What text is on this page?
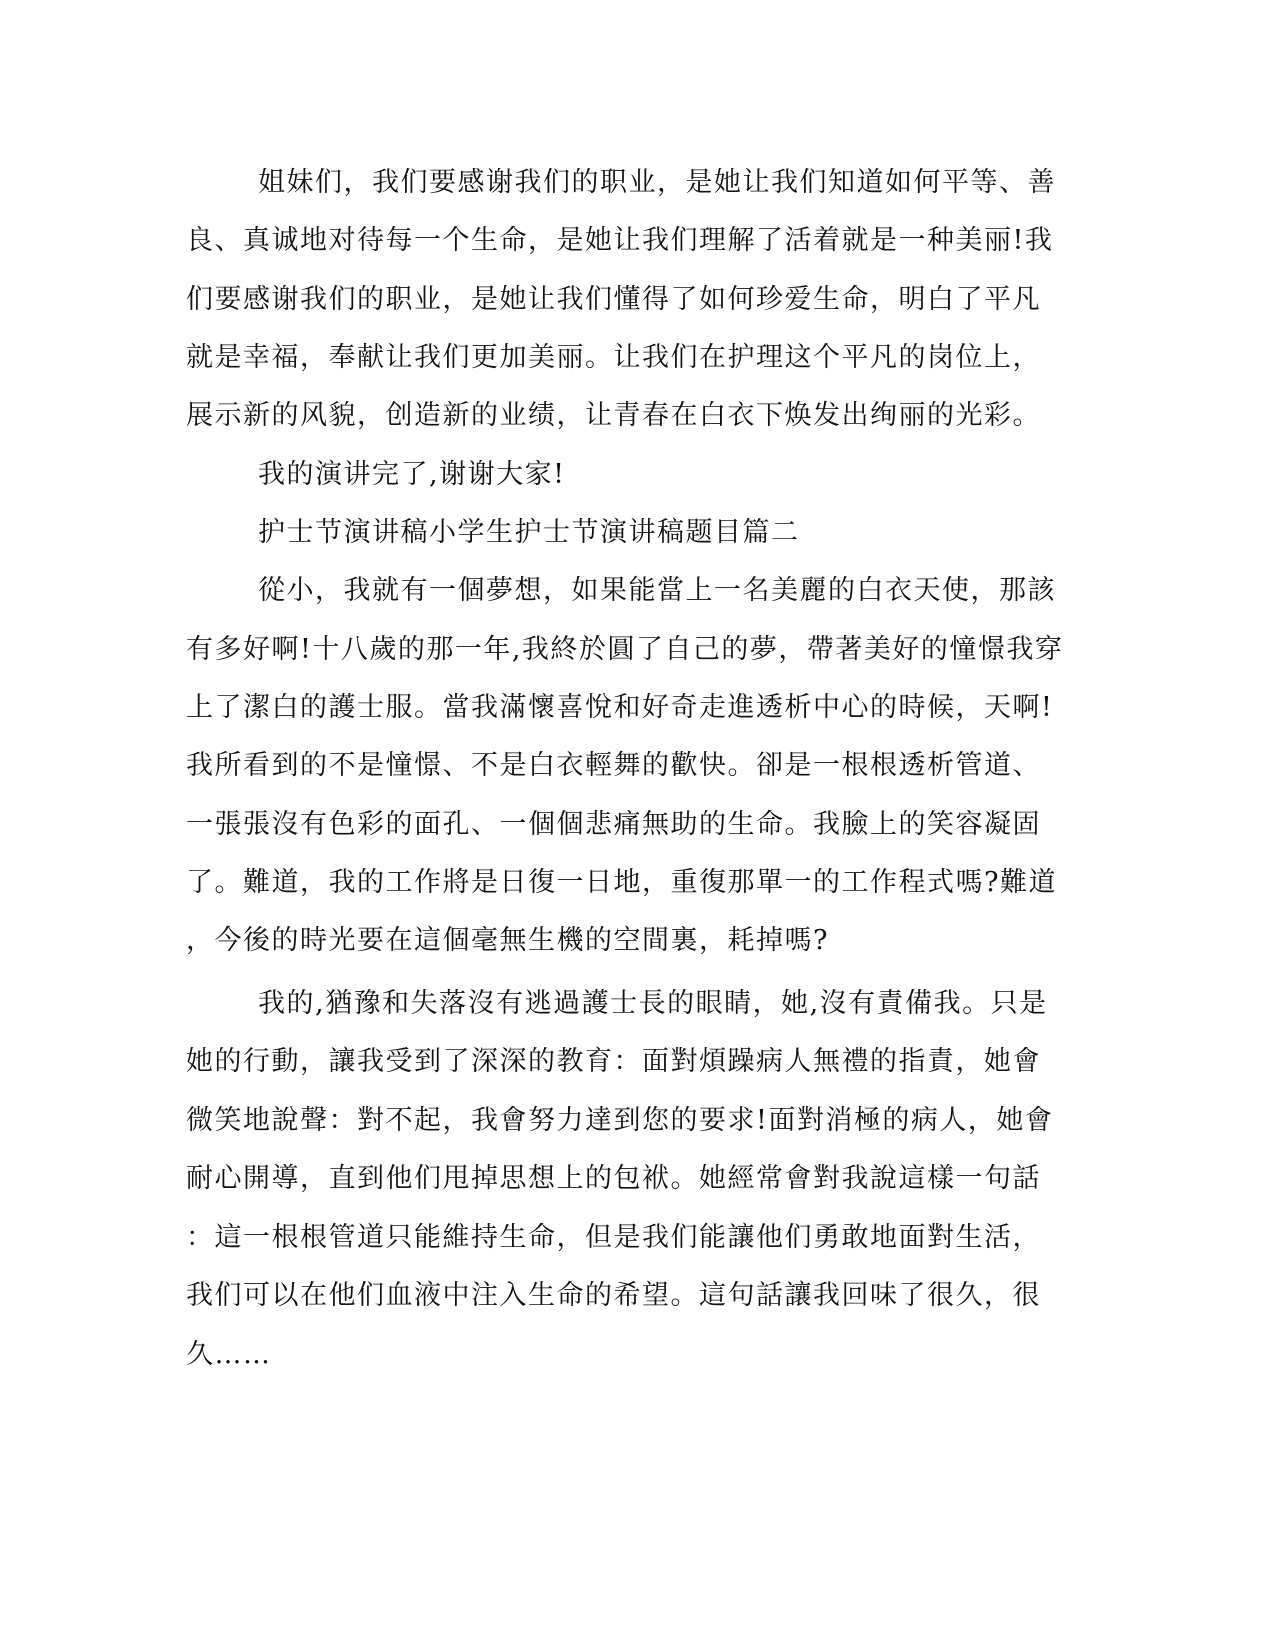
姐妹们，我们要感谢我们的职业，是她让我们知道如何平等、善

良、真诚地对待每一个生命，是她让我们理解了活着就是一种美丽!我

们要感谢我们的职业，是她让我们懂得了如何珍爱生命，明白了平凡

就是幸福，奉献让我们更加美丽。让我们在护理这个平凡的岗位上，

展示新的风貌，创造新的业绩，让青春在白衣下焕发出绚丽的光彩。

我的演讲完了,谢谢大家!

护士节演讲稿小学生护士节演讲稿题目篇二

從小，我就有一個夢想，如果能當上一名美麗的白衣天使，那該

有多好啊!十八歲的那一年,我終於圓了自己的夢，帶著美好的憧憬我穿

上了潔白的護士服。當我滿懷喜悅和好奇走進透析中心的時候，天啊!

我所看到的不是憧憬、不是白衣輕舞的歡快。卻是一根根透析管道、

一張張沒有色彩的面孔、一個個悲痛無助的生命。我臉上的笑容凝固

了。難道，我的工作將是日復一日地，重復那單一的工作程式嗎?難道

，今後的時光要在這個毫無生機的空間裏，耗掉嗎?

我的,猶豫和失落沒有逃過護士長的眼睛，她,沒有責備我。只是

她的行動，讓我受到了深深的教育：面對煩躁病人無禮的指責，她會

微笑地說聲：對不起，我會努力達到您的要求!面對消極的病人，她會

耐心開導，直到他们甩掉思想上的包袱。她經常會對我說這樣一句話

：這一根根管道只能維持生命，但是我们能讓他们勇敢地面對生活，

我们可以在他们血液中注入生命的希望。這句話讓我回味了很久，很

久……
